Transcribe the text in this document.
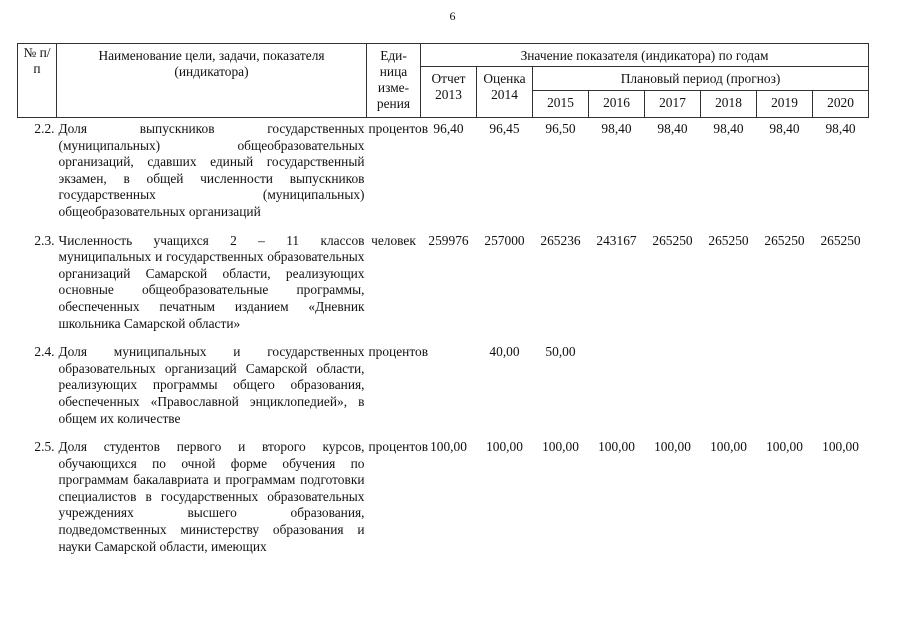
6
№ п/п	Наименование цели, задачи, показателя (индикатора)	Еди-ница изме-рения	Значение показателя (индикатора) по годам							
			Отчет 2013	Оценка 2014	Плановый период (прогноз)					
					2015	2016	2017	2018	2019	2020
2.2.	Доля выпускников государственных (муниципальных) общеобразовательных организаций, сдавших единый государственный экзамен, в общей численности выпускников государственных (муниципальных) общеобразовательных организаций	процентов	96,40	96,45	96,50	98,40	98,40	98,40	98,40	98,40
2.3.	Численность учащихся 2 – 11 классов муниципальных и государственных образовательных организаций Самарской области, реализующих основные общеобразовательные программы, обеспеченных печатным изданием «Дневник школьника Самарской области»	человек	259976	257000	265236	243167	265250	265250	265250	265250
2.4.	Доля муниципальных и государственных образовательных организаций Самарской области, реализующих программы общего образования, обеспеченных «Православной энциклопедией», в общем их количестве	процентов		40,00	50,00					
2.5.	Доля студентов первого и второго курсов, обучающихся по очной форме обучения по программам бакалавриата и программам подготовки специалистов в государственных образовательных учреждениях высшего образования, подведомственных министерству образования и науки Самарской области, имеющих	процентов	100,00	100,00	100,00	100,00	100,00	100,00	100,00	100,00
